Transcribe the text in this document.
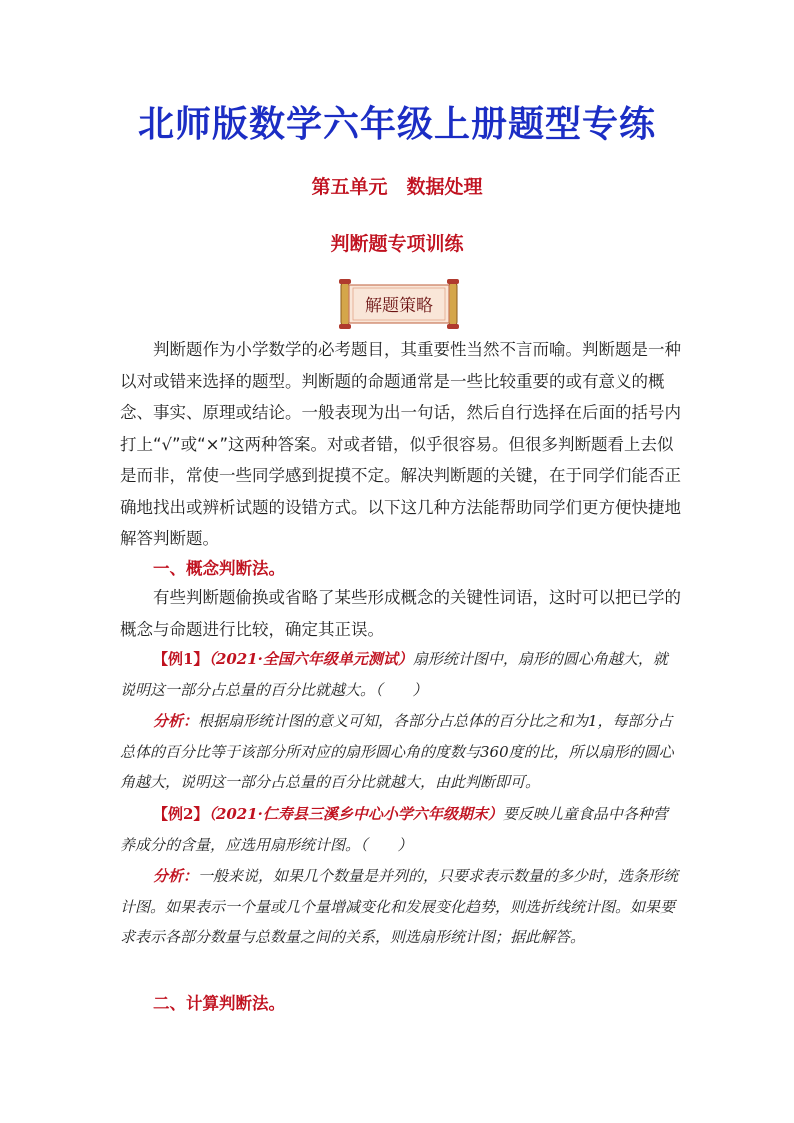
北师版数学六年级上册题型专练
第五单元　数据处理
判断题专项训练
解题策略

判断题作为小学数学的必考题目，其重要性当然不言而喻。判断题是一种以对或错来选择的题型。判断题的命题通常是一些比较重要的或有意义的概念、事实、原理或结论。一般表现为出一句话，然后自行选择在后面的括号内打上“√”或“×”这两种答案。对或者错，似乎很容易。但很多判断题看上去似是而非，常使一些同学感到捉摸不定。解决判断题的关键，在于同学们能否正确地找出或辨析试题的设错方式。以下这几种方法能帮助同学们更方便快捷地解答判断题。

一、概念判断法。

有些判断题偷换或省略了某些形成概念的关键性词语，这时可以把已学的概念与命题进行比较，确定其正误。

【例1】（2021·全国六年级单元测试）扇形统计图中，扇形的圆心角越大，就说明这一部分占总量的百分比就越大。（　　）

分析：根据扇形统计图的意义可知，各部分占总体的百分比之和为1，每部分占总体的百分比等于该部分所对应的扇形圆心角的度数与360度的比，所以扇形的圆心角越大，说明这一部分占总量的百分比就越大，由此判断即可。

【例2】（2021·仁寿县三溪乡中心小学六年级期末）要反映儿童食品中各种营养成分的含量，应选用扇形统计图。（　　）

分析：一般来说，如果几个数量是并列的，只要求表示数量的多少时，选条形统计图。如果表示一个量或几个量增减变化和发展变化趋势，则选折线统计图。如果要求表示各部分数量与总数量之间的关系，则选扇形统计图；据此解答。

二、计算判断法。
